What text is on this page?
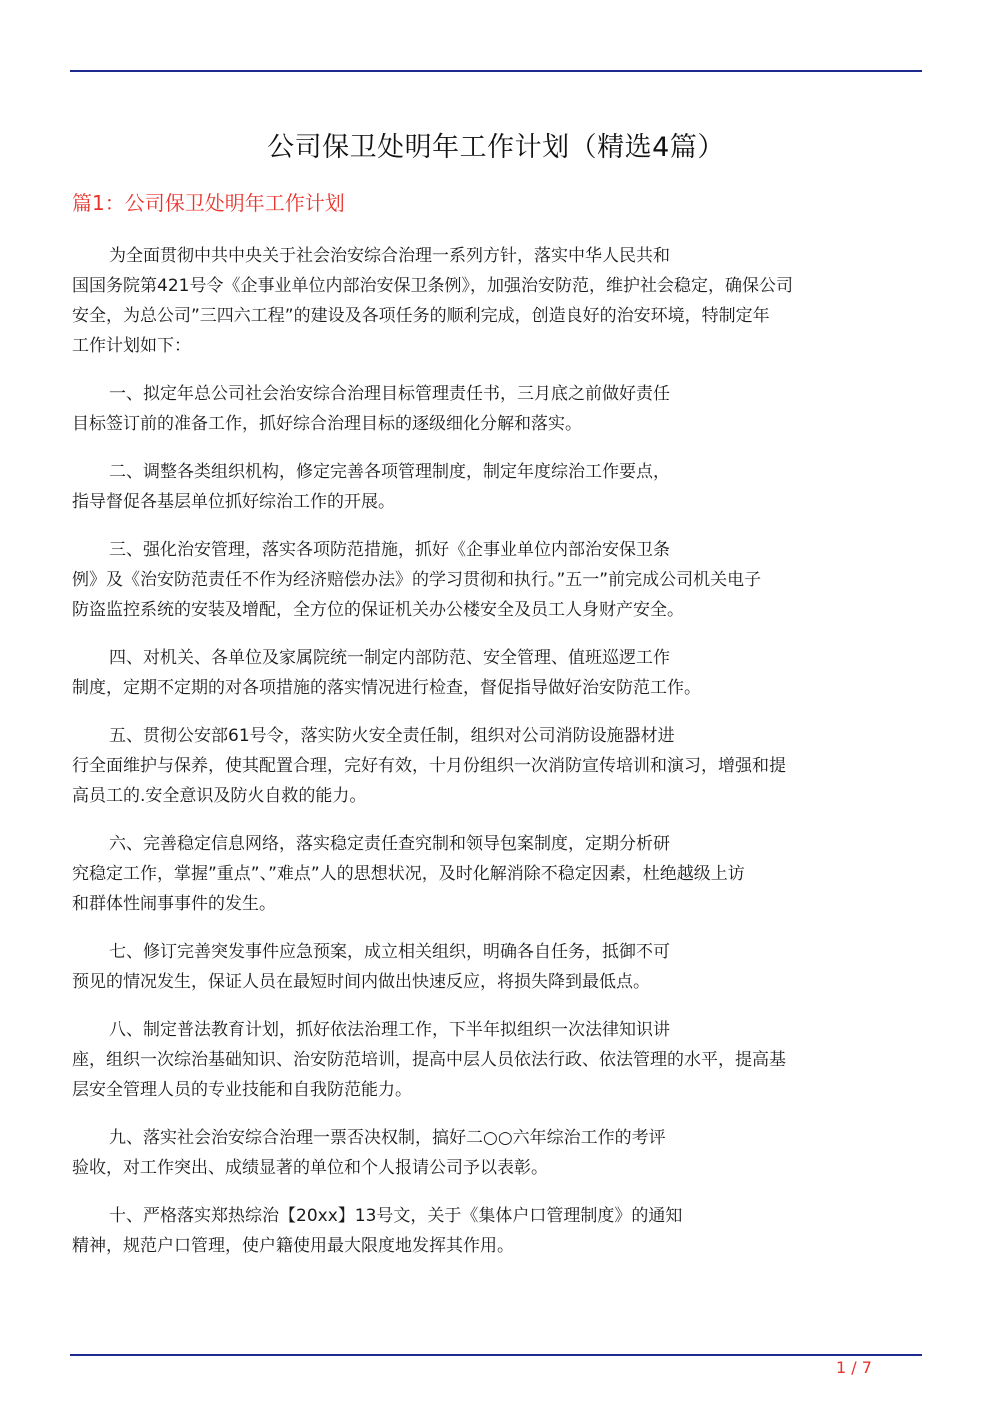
公司保卫处明年工作计划（精选4篇）
篇1：公司保卫处明年工作计划

为全面贯彻中共中央关于社会治安综合治理一系列方针，落实中华人民共和
国国务院第421号令《企事业单位内部治安保卫条例》，加强治安防范，维护社会稳定，确保公司
安全，为总公司”三四六工程”的建设及各项任务的顺利完成，创造良好的治安环境，特制定年
工作计划如下：

一、拟定年总公司社会治安综合治理目标管理责任书，三月底之前做好责任
目标签订前的准备工作，抓好综合治理目标的逐级细化分解和落实。

二、调整各类组织机构，修定完善各项管理制度，制定年度综治工作要点，
指导督促各基层单位抓好综治工作的开展。

三、强化治安管理，落实各项防范措施，抓好《企事业单位内部治安保卫条
例》及《治安防范责任不作为经济赔偿办法》的学习贯彻和执行。”五一”前完成公司机关电子
防盗监控系统的安装及增配，全方位的保证机关办公楼安全及员工人身财产安全。

四、对机关、各单位及家属院统一制定内部防范、安全管理、值班巡逻工作
制度，定期不定期的对各项措施的落实情况进行检查，督促指导做好治安防范工作。

五、贯彻公安部61号令，落实防火安全责任制，组织对公司消防设施器材进
行全面维护与保养，使其配置合理，完好有效，十月份组织一次消防宣传培训和演习，增强和提
高员工的.安全意识及防火自救的能力。

六、完善稳定信息网络，落实稳定责任查究制和领导包案制度，定期分析研
究稳定工作，掌握”重点”、”难点”人的思想状况，及时化解消除不稳定因素，杜绝越级上访
和群体性闹事事件的发生。

七、修订完善突发事件应急预案，成立相关组织，明确各自任务，抵御不可
预见的情况发生，保证人员在最短时间内做出快速反应，将损失降到最低点。

八、制定普法教育计划，抓好依法治理工作，下半年拟组织一次法律知识讲
座，组织一次综治基础知识、治安防范培训，提高中层人员依法行政、依法管理的水平，提高基
层安全管理人员的专业技能和自我防范能力。

九、落实社会治安综合治理一票否决权制，搞好二○○六年综治工作的考评
验收，对工作突出、成绩显著的单位和个人报请公司予以表彰。

十、严格落实郑热综治【20xx】13号文，关于《集体户口管理制度》的通知
精神，规范户口管理，使户籍使用最大限度地发挥其作用。

1 / 7
